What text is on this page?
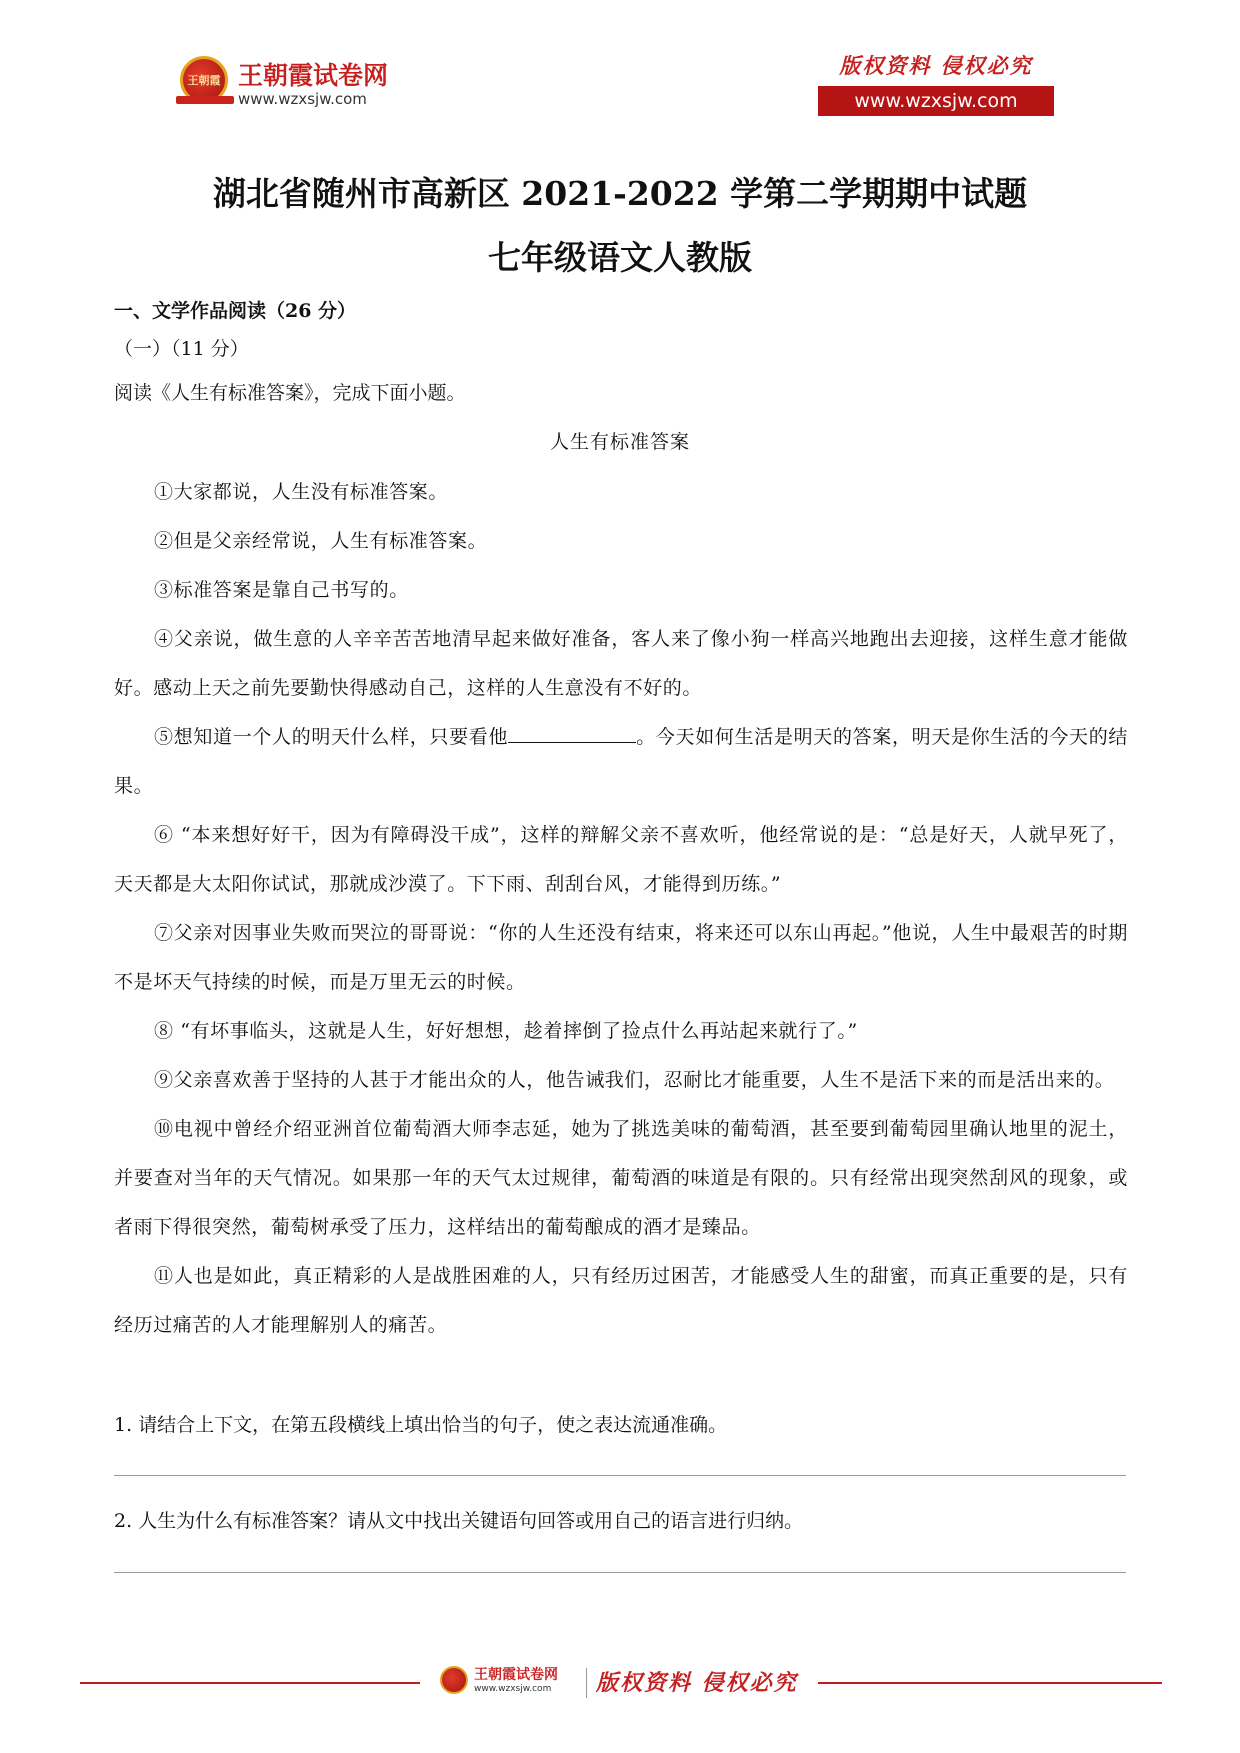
王朝霞 王朝霞试卷网
www.wzxsjw.com
版权资料 侵权必究
www.wzxsjw.com
湖北省随州市高新区 2021-2022 学第二学期期中试题
七年级语文人教版
一、文学作品阅读（26 分）
（一）（11 分）
阅读《人生有标准答案》，完成下面小题。
人生有标准答案

①大家都说，人生没有标准答案。

②但是父亲经常说，人生有标准答案。

③标准答案是靠自己书写的。

④父亲说，做生意的人辛辛苦苦地清早起来做好准备，客人来了像小狗一样高兴地跑出去迎接，这样生意才能做好。感动上天之前先要勤快得感动自己，这样的人生意没有不好的。

⑤想知道一个人的明天什么样，只要看他	。今天如何生活是明天的答案，明天是你生活的今天的结果。

⑥ “本来想好好干，因为有障碍没干成”，这样的辩解父亲不喜欢听，他经常说的是：“总是好天，人就早死了，天天都是大太阳你试试，那就成沙漠了。下下雨、刮刮台风，才能得到历练。”

⑦父亲对因事业失败而哭泣的哥哥说：“你的人生还没有结束，将来还可以东山再起。”他说，人生中最艰苦的时期不是坏天气持续的时候，而是万里无云的时候。

⑧ “有坏事临头，这就是人生，好好想想，趁着摔倒了捡点什么再站起来就行了。”

⑨父亲喜欢善于坚持的人甚于才能出众的人，他告诫我们，忍耐比才能重要，人生不是活下来的而是活出来的。

⑩电视中曾经介绍亚洲首位葡萄酒大师李志延，她为了挑选美味的葡萄酒，甚至要到葡萄园里确认地里的泥土，并要查对当年的天气情况。如果那一年的天气太过规律，葡萄酒的味道是有限的。只有经常出现突然刮风的现象，或者雨下得很突然，葡萄树承受了压力，这样结出的葡萄酿成的酒才是臻品。

⑪人也是如此，真正精彩的人是战胜困难的人，只有经历过困苦，才能感受人生的甜蜜，而真正重要的是，只有经历过痛苦的人才能理解别人的痛苦。

1. 请结合上下文，在第五段横线上填出恰当的句子，使之表达流通准确。
2. 人生为什么有标准答案？请从文中找出关键语句回答或用自己的语言进行归纳。
王朝霞试卷网
www.wzxsjw.com 版权资料 侵权必究
